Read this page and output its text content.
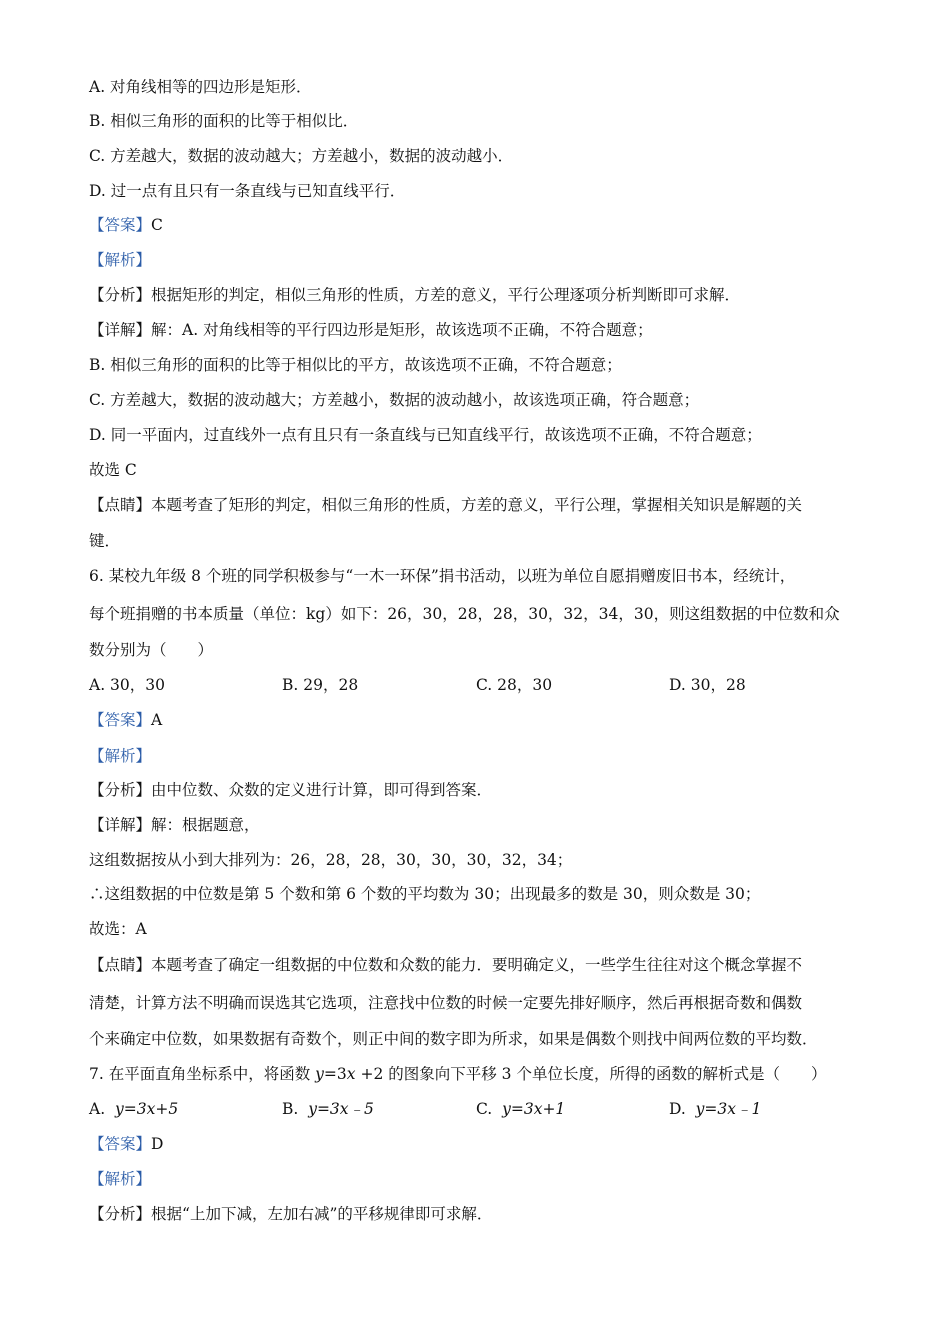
A. 对角线相等的四边形是矩形．
B. 相似三角形的面积的比等于相似比．
C. 方差越大，数据的波动越大；方差越小，数据的波动越小．
D. 过一点有且只有一条直线与已知直线平行．
【答案】C
【解析】
【分析】根据矩形的判定，相似三角形的性质，方差的意义，平行公理逐项分析判断即可求解．
【详解】解：A. 对角线相等的平行四边形是矩形，故该选项不正确，不符合题意；
B. 相似三角形的面积的比等于相似比的平方，故该选项不正确，不符合题意；
C. 方差越大，数据的波动越大；方差越小，数据的波动越小，故该选项正确，符合题意；
D. 同一平面内，过直线外一点有且只有一条直线与已知直线平行，故该选项不正确，不符合题意；
故选 C
【点睛】本题考查了矩形的判定，相似三角形的性质，方差的意义，平行公理，掌握相关知识是解题的关
键．
6. 某校九年级 8 个班的同学积极参与“一木一环保”捐书活动，以班为单位自愿捐赠废旧书本，经统计，
每个班捐赠的书本质量（单位：kg）如下：26，30，28，28，30，32，34，30，则这组数据的中位数和众
数分别为（　　）
A. 30，30	B. 29，28	C. 28，30	D. 30，28
【答案】A
【解析】
【分析】由中位数、众数的定义进行计算，即可得到答案．
【详解】解：根据题意，
这组数据按从小到大排列为：26，28，28，30，30，30，32，34；
∴这组数据的中位数是第 5 个数和第 6 个数的平均数为 30；出现最多的数是 30，则众数是 30；
故选：A
【点睛】本题考查了确定一组数据的中位数和众数的能力．要明确定义，一些学生往往对这个概念掌握不
清楚，计算方法不明确而误选其它选项，注意找中位数的时候一定要先排好顺序，然后再根据奇数和偶数
个来确定中位数，如果数据有奇数个，则正中间的数字即为所求，如果是偶数个则找中间两位数的平均数．
7. 在平面直角坐标系中，将函数 y=3x +2 的图象向下平移 3 个单位长度，所得的函数的解析式是（　　）
A. y=3x+5	B. y=3x﹣5	C. y=3x+1	D. y=3x﹣1
【答案】D
【解析】
【分析】根据“上加下减，左加右减”的平移规律即可求解．
